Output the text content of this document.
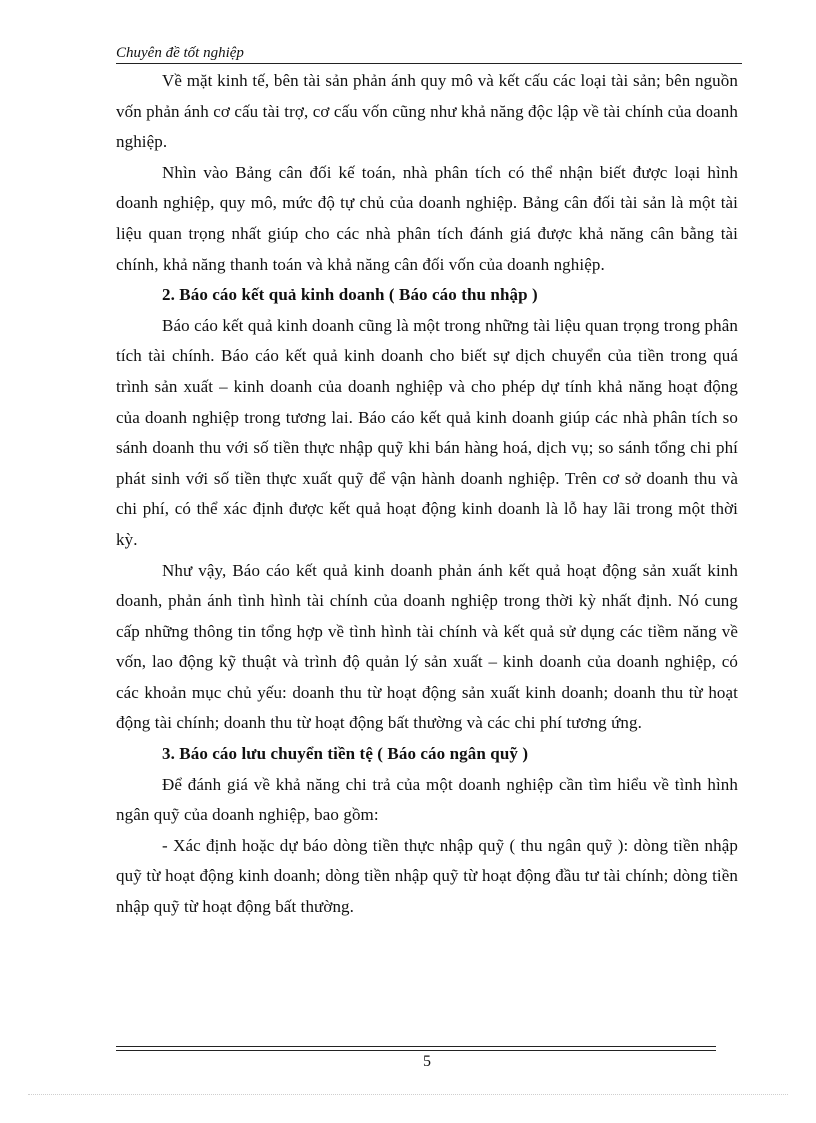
Chuyên đề tốt nghiệp

Về mặt kinh tế, bên tài sản phản ánh quy mô và kết cấu các loại tài sản; bên nguồn vốn phản ánh cơ cấu tài trợ, cơ cấu vốn cũng như khả năng độc lập về tài chính của doanh nghiệp.

Nhìn vào Bảng cân đối kế toán, nhà phân tích có thể nhận biết được loại hình doanh nghiệp, quy mô, mức độ tự chủ của doanh nghiệp. Bảng cân đối tài sản là một tài liệu quan trọng nhất giúp cho các nhà phân tích đánh giá được khả năng cân bằng tài chính, khả năng thanh toán và khả năng cân đối vốn của doanh nghiệp.

2. Báo cáo kết quả kinh doanh ( Báo cáo thu nhập )

Báo cáo kết quả kinh doanh cũng là một trong những tài liệu quan trọng trong phân tích tài chính. Báo cáo kết quả kinh doanh cho biết sự dịch chuyển của tiền trong quá trình sản xuất – kinh doanh của doanh nghiệp và cho phép dự tính khả năng hoạt động của doanh nghiệp trong tương lai. Báo cáo kết quả kinh doanh giúp các nhà phân tích so sánh doanh thu với số tiền thực nhập quỹ khi bán hàng hoá, dịch vụ; so sánh tổng chi phí phát sinh với số tiền thực xuất quỹ để vận hành doanh nghiệp. Trên cơ sở doanh thu và chi phí, có thể xác định được kết quả hoạt động kinh doanh là lỗ hay lãi trong một thời kỳ.

Như vậy, Báo cáo kết quả kinh doanh phản ánh kết quả hoạt động sản xuất kinh doanh, phản ánh tình hình tài chính của doanh nghiệp trong thời kỳ nhất định. Nó cung cấp những thông tin tổng hợp về tình hình tài chính và kết quả sử dụng các tiềm năng về vốn, lao động kỹ thuật và trình độ quản lý sản xuất – kinh doanh của doanh nghiệp, có các khoản mục chủ yếu: doanh thu từ hoạt động sản xuất kinh doanh; doanh thu từ hoạt động tài chính; doanh thu từ hoạt động bất thường và các chi phí tương ứng.

3. Báo cáo lưu chuyển tiền tệ ( Báo cáo ngân quỹ )

Để đánh giá về khả năng chi trả của một doanh nghiệp cần tìm hiểu về tình hình ngân quỹ của doanh nghiệp, bao gồm:

- Xác định hoặc dự báo dòng tiền thực nhập quỹ ( thu ngân quỹ ): dòng tiền nhập quỹ từ hoạt động kinh doanh; dòng tiền nhập quỹ từ hoạt động đầu tư tài chính; dòng tiền nhập quỹ từ hoạt động bất thường.

5
